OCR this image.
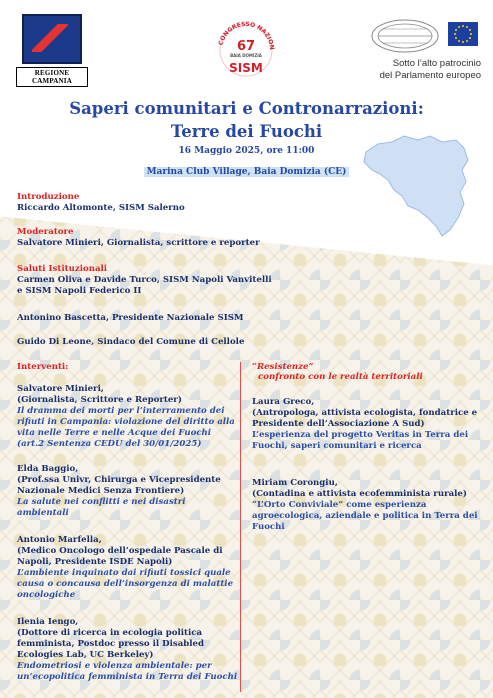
REGIONE CAMPANIA
CONGRESSO NAZION
67
BAIA DOMIZIA
SISM	Sotto l’alto patrocinio
del Parlamento europeo
Saperi comunitari e Contronarrazioni:
Terre dei Fuochi
16 Maggio 2025, ore 11:00
Marina Club Village, Baia Domizia (CE)
Introduzione
Riccardo Altomonte, SISM Salerno
Moderatore
Salvatore Minieri, Giornalista, scrittore e reporter
Saluti Istituzionali
Carmen Oliva e Davide Turco, SISM Napoli Vanvitelli
e SISM Napoli Federico II
Antonino Bascetta, Presidente Nazionale SISM
Guido Di Leone, Sindaco del Comune di Cellole
Interventi:
Salvatore Minieri,
(Giornalista, Scrittore e Reporter)
Il dramma dei morti per l’interramento dei
rifiuti in Campania: violazione del diritto alla
vita nelle Terre e nelle Acque dei Fuochi
(art.2 Sentenza CEDU del 30/01/2025)
Elda Baggio,
(Prof.ssa Univr, Chirurga e Vicepresidente
Nazionale Medici Senza Frontiere)
La salute nei conflitti e nei disastri
ambientali
Antonio Marfella,
(Medico Oncologo dell’ospedale Pascale di
Napoli, Presidente ISDE Napoli)
L’ambiente inquinato dai rifiuti tossici quale
causa o concausa dell’insorgenza di malattie
oncologiche
Ilenia Iengo,
(Dottore di ricerca in ecologia politica
femminista, Postdoc presso il Disabled
Ecologies Lab, UC Berkeley)
Endometriosi e violenza ambientale: per
un’ecopolitica femminista in Terra dei Fuochi
“Resistenze”
confronto con le realtà territoriali
Laura Greco,
(Antropologa, attivista ecologista, fondatrice e
Presidente dell’Associazione A Sud)
L’esperienza del progetto Veritas in Terra dei
Fuochi, saperi comunitari e ricerca
Miriam Corongiu,
(Contadina e attivista ecofemminista rurale)
“L’Orto Conviviale” come esperienza
agroecologica, aziendale e politica in Terra dei
Fuochi
